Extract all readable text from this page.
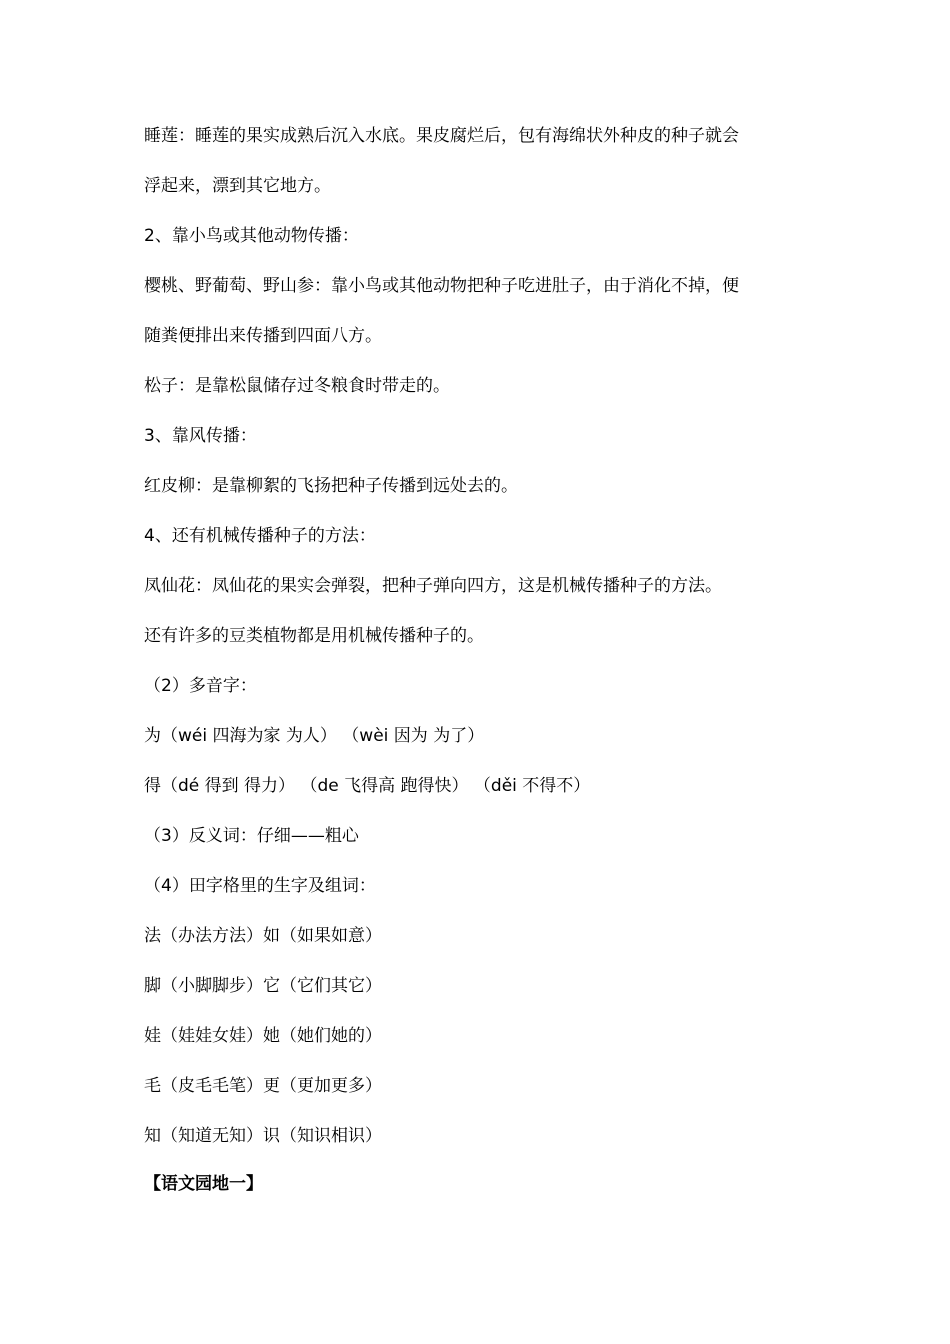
睡莲：睡莲的果实成熟后沉入水底。果皮腐烂后，包有海绵状外种皮的种子就会
浮起来，漂到其它地方。
2、靠小鸟或其他动物传播：
樱桃、野葡萄、野山参：靠小鸟或其他动物把种子吃进肚子，由于消化不掉，便
随粪便排出来传播到四面八方。
松子：是靠松鼠储存过冬粮食时带走的。
3、靠风传播：
红皮柳：是靠柳絮的飞扬把种子传播到远处去的。
4、还有机械传播种子的方法：
凤仙花：凤仙花的果实会弹裂，把种子弹向四方，这是机械传播种子的方法。
还有许多的豆类植物都是用机械传播种子的。
（2）多音字：
为（wéi 四海为家 为人） （wèi 因为 为了）
得（dé 得到 得力） （de 飞得高 跑得快） （děi 不得不）
（3）反义词：仔细——粗心
（4）田字格里的生字及组词：
法（办法方法）如（如果如意）
脚（小脚脚步）它（它们其它）
娃（娃娃女娃）她（她们她的）
毛（皮毛毛笔）更（更加更多）
知（知道无知）识（知识相识）
【语文园地一】
